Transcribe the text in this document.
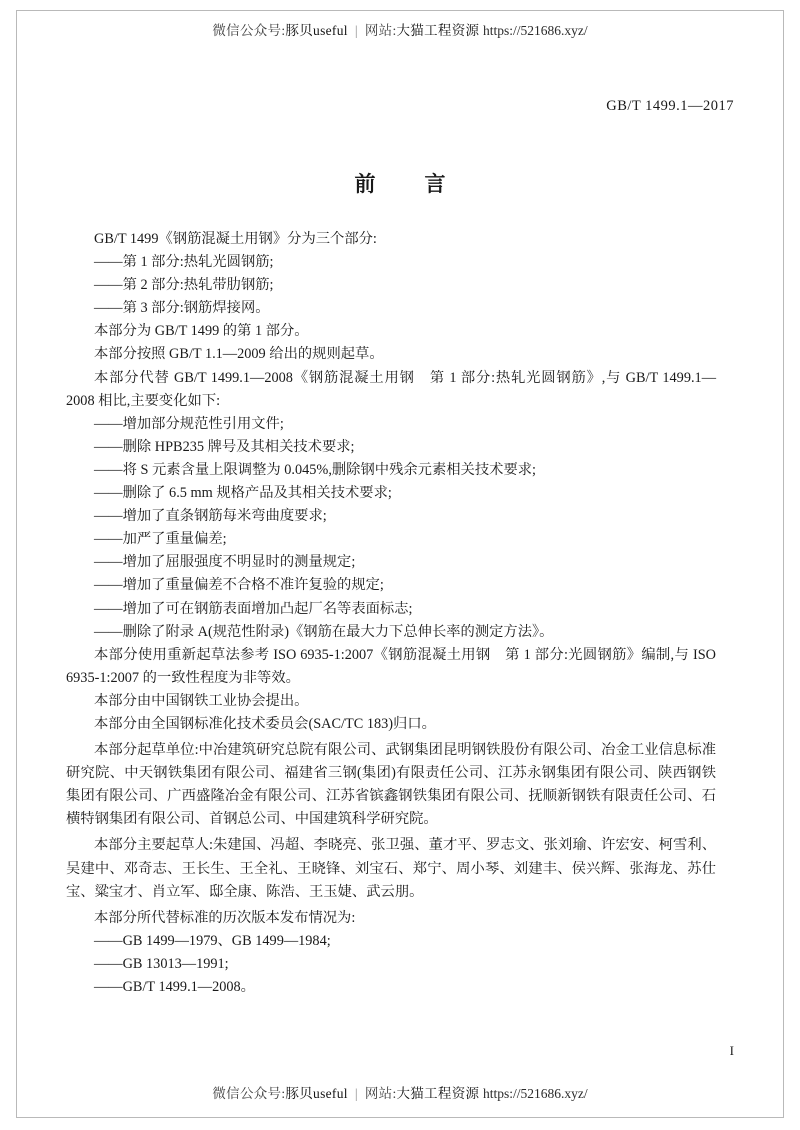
微信公众号:豚贝useful | 网站:大猫工程资源 https://521686.xyz/
GB/T 1499.1—2017
前　言

GB/T 1499《钢筋混凝土用钢》分为三个部分:

——第 1 部分:热轧光圆钢筋;

——第 2 部分:热轧带肋钢筋;

——第 3 部分:钢筋焊接网。

本部分为 GB/T 1499 的第 1 部分。

本部分按照 GB/T 1.1—2009 给出的规则起草。

本部分代替 GB/T 1499.1—2008《钢筋混凝土用钢　第 1 部分:热轧光圆钢筋》,与 GB/T 1499.1—2008 相比,主要变化如下:

——增加部分规范性引用文件;

——删除 HPB235 牌号及其相关技术要求;

——将 S 元素含量上限调整为 0.045%,删除钢中残余元素相关技术要求;

——删除了 6.5 mm 规格产品及其相关技术要求;

——增加了直条钢筋每米弯曲度要求;

——加严了重量偏差;

——增加了屈服强度不明显时的测量规定;

——增加了重量偏差不合格不准许复验的规定;

——增加了可在钢筋表面增加凸起厂名等表面标志;

——删除了附录 A(规范性附录)《钢筋在最大力下总伸长率的测定方法》。

本部分使用重新起草法参考 ISO 6935-1:2007《钢筋混凝土用钢　第 1 部分:光圆钢筋》编制,与 ISO 6935-1:2007 的一致性程度为非等效。

本部分由中国钢铁工业协会提出。

本部分由全国钢标准化技术委员会(SAC/TC 183)归口。

本部分起草单位:中冶建筑研究总院有限公司、武钢集团昆明钢铁股份有限公司、冶金工业信息标准研究院、中天钢铁集团有限公司、福建省三钢(集团)有限责任公司、江苏永钢集团有限公司、陕西钢铁集团有限公司、广西盛隆冶金有限公司、江苏省镔鑫钢铁集团有限公司、抚顺新钢铁有限责任公司、石横特钢集团有限公司、首钢总公司、中国建筑科学研究院。

本部分主要起草人:朱建国、冯超、李晓亮、张卫强、董才平、罗志文、张刘瑜、许宏安、柯雪利、吴建中、邓奇志、王长生、王全礼、王晓锋、刘宝石、郑宁、周小琴、刘建丰、侯兴辉、张海龙、苏仕宝、粱宝才、肖立军、邸全康、陈浩、王玉婕、武云朋。

本部分所代替标准的历次版本发布情况为:

——GB 1499—1979、GB 1499—1984;

——GB 13013—1991;

——GB/T 1499.1—2008。

I
微信公众号:豚贝useful | 网站:大猫工程资源 https://521686.xyz/
